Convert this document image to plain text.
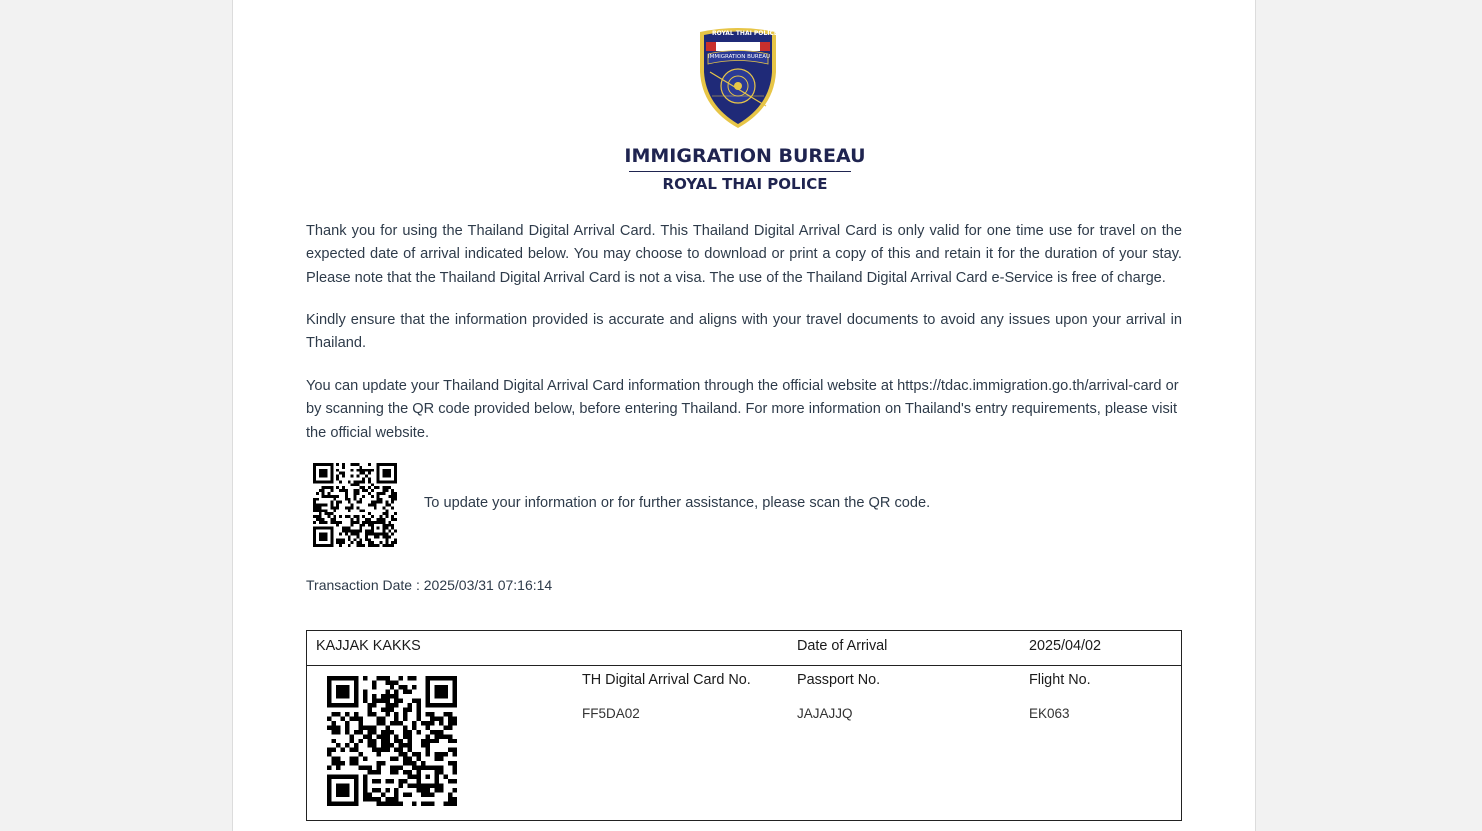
ROYAL THAI POLICE
IMMIGRATION BUREAU
IMMIGRATION BUREAU
ROYAL THAI POLICE

Thank you for using the Thailand Digital Arrival Card. This Thailand Digital Arrival Card is only valid for one time use for travel on the expected date of arrival indicated below. You may choose to download or print a copy of this and retain it for the duration of your stay. Please note that the Thailand Digital Arrival Card is not a visa. The use of the Thailand Digital Arrival Card e-Service is free of charge.

Kindly ensure that the information provided is accurate and aligns with your travel documents to avoid any issues upon your arrival in Thailand.

You can update your Thailand Digital Arrival Card information through the official website at https://tdac.immigration.go.th/arrival-card or by scanning the QR code provided below, before entering Thailand. For more information on Thailand's entry requirements, please visit the official website.

To update your information or for further assistance, please scan the QR code.
Transaction Date : 2025/03/31 07:16:14
KAJJAK KAKKS	Date of Arrival	2025/04/02
TH Digital Arrival Card No.	Passport No.	Flight No.
FF5DA02	JAJAJJQ	EK063
